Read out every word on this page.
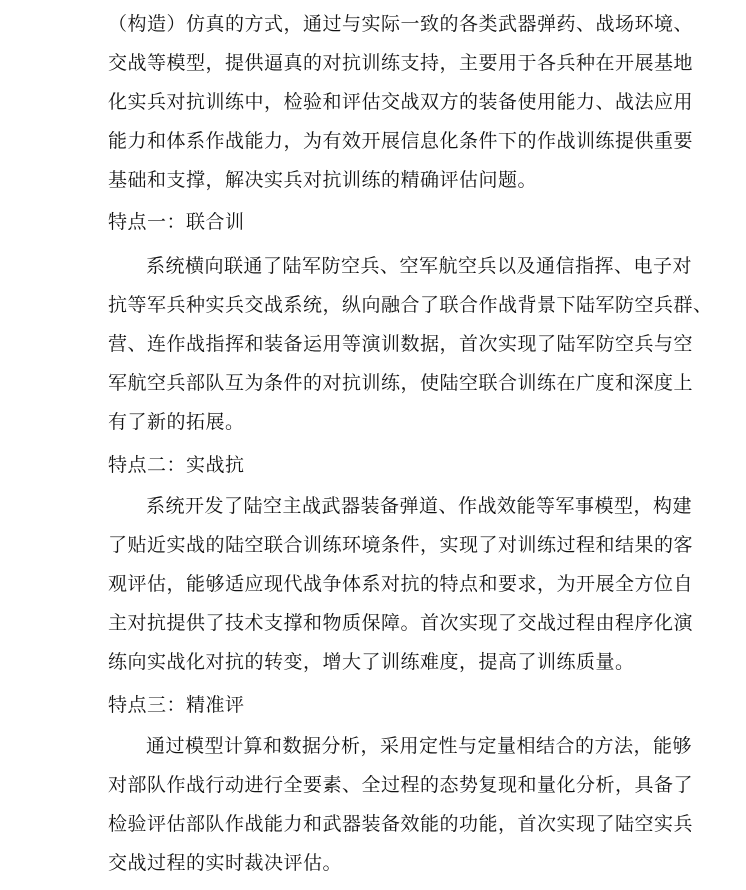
（构造）仿真的方式，通过与实际一致的各类武器弹药、战场环境、
交战等模型，提供逼真的对抗训练支持，主要用于各兵种在开展基地
化实兵对抗训练中，检验和评估交战双方的装备使用能力、战法应用
能力和体系作战能力，为有效开展信息化条件下的作战训练提供重要
基础和支撑，解决实兵对抗训练的精确评估问题。
特点一：联合训
系统横向联通了陆军防空兵、空军航空兵以及通信指挥、电子对
抗等军兵种实兵交战系统，纵向融合了联合作战背景下陆军防空兵群、
营、连作战指挥和装备运用等演训数据，首次实现了陆军防空兵与空
军航空兵部队互为条件的对抗训练，使陆空联合训练在广度和深度上
有了新的拓展。
特点二：实战抗
系统开发了陆空主战武器装备弹道、作战效能等军事模型，构建
了贴近实战的陆空联合训练环境条件，实现了对训练过程和结果的客
观评估，能够适应现代战争体系对抗的特点和要求，为开展全方位自
主对抗提供了技术支撑和物质保障。首次实现了交战过程由程序化演
练向实战化对抗的转变，增大了训练难度，提高了训练质量。
特点三：精准评
通过模型计算和数据分析，采用定性与定量相结合的方法，能够
对部队作战行动进行全要素、全过程的态势复现和量化分析，具备了
检验评估部队作战能力和武器装备效能的功能，首次实现了陆空实兵
交战过程的实时裁决评估。
